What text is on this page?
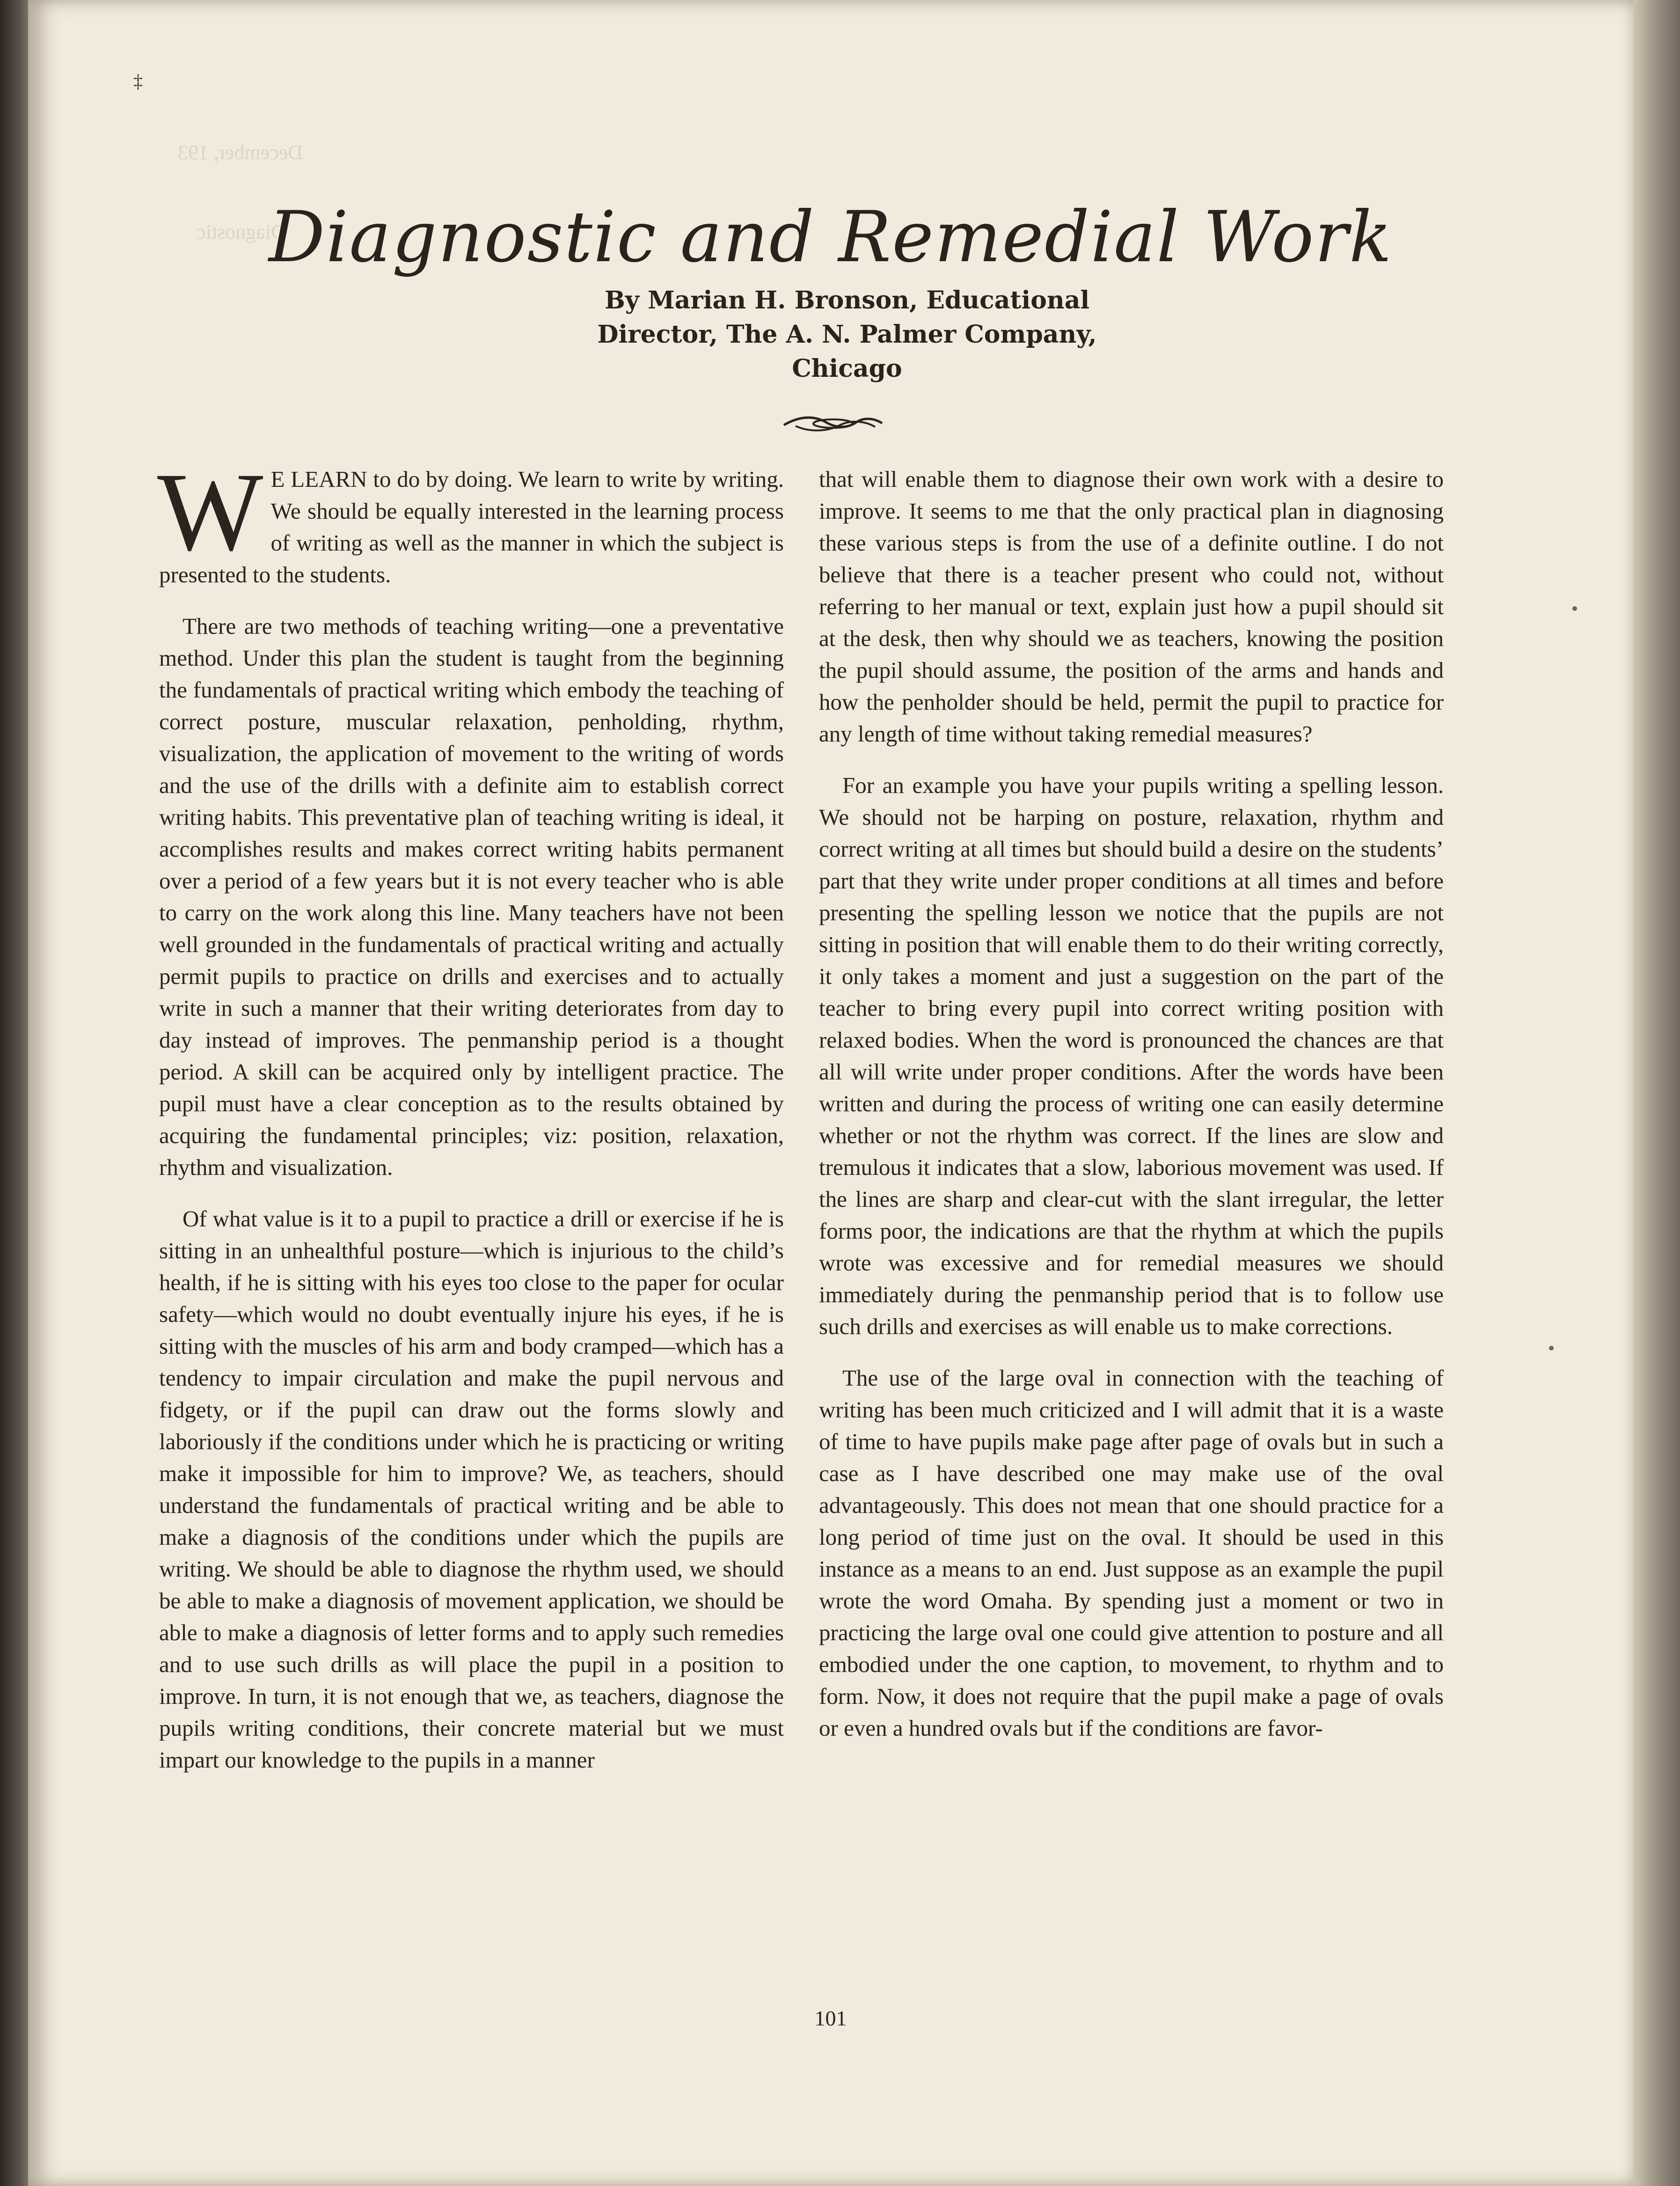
‡
December, 193
Diagnostic
Diagnostic and Remedial Work
By Marian H. Bronson, Educational Director, The A. N. Palmer Company, Chicago

W E LEARN to do by doing. We learn to write by writing. We should be equally interested in the learning process of writing as well as the manner in which the subject is presented to the students.

There are two methods of teaching writing—one a preventative method. Under this plan the student is taught from the beginning the fundamentals of practical writing which embody the teaching of correct posture, muscular relaxation, penholding, rhythm, visualization, the application of movement to the writing of words and the use of the drills with a definite aim to establish correct writing habits. This preventative plan of teaching writing is ideal, it accomplishes results and makes correct writing habits permanent over a period of a few years but it is not every teacher who is able to carry on the work along this line. Many teachers have not been well grounded in the fundamentals of practical writing and actually permit pupils to practice on drills and exercises and to actually write in such a manner that their writing deteriorates from day to day instead of improves. The penmanship period is a thought period. A skill can be acquired only by intelligent practice. The pupil must have a clear conception as to the results obtained by acquiring the fundamental principles; viz: position, relaxation, rhythm and visualization.

Of what value is it to a pupil to practice a drill or exercise if he is sitting in an unhealthful posture—which is injurious to the child’s health, if he is sitting with his eyes too close to the paper for ocular safety—which would no doubt eventually injure his eyes, if he is sitting with the muscles of his arm and body cramped—which has a tendency to impair circulation and make the pupil nervous and fidgety, or if the pupil can draw out the forms slowly and laboriously if the conditions under which he is practicing or writing make it impossible for him to improve? We, as teachers, should understand the fundamentals of practical writing and be able to make a diagnosis of the conditions under which the pupils are writing. We should be able to diagnose the rhythm used, we should be able to make a diagnosis of movement application, we should be able to make a diagnosis of letter forms and to apply such remedies and to use such drills as will place the pupil in a position to improve. In turn, it is not enough that we, as teachers, diagnose the pupils writing conditions, their concrete material but we must impart our knowledge to the pupils in a manner

that will enable them to diagnose their own work with a desire to improve. It seems to me that the only practical plan in diagnosing these various steps is from the use of a definite outline. I do not believe that there is a teacher present who could not, without referring to her manual or text, explain just how a pupil should sit at the desk, then why should we as teachers, knowing the position the pupil should assume, the position of the arms and hands and how the penholder should be held, permit the pupil to practice for any length of time without taking remedial measures?

For an example you have your pupils writing a spelling lesson. We should not be harping on posture, relaxation, rhythm and correct writing at all times but should build a desire on the students’ part that they write under proper conditions at all times and before presenting the spelling lesson we notice that the pupils are not sitting in position that will enable them to do their writing correctly, it only takes a moment and just a suggestion on the part of the teacher to bring every pupil into correct writing position with relaxed bodies. When the word is pronounced the chances are that all will write under proper conditions. After the words have been written and during the process of writing one can easily determine whether or not the rhythm was correct. If the lines are slow and tremulous it indicates that a slow, laborious movement was used. If the lines are sharp and clear-cut with the slant irregular, the letter forms poor, the indications are that the rhythm at which the pupils wrote was excessive and for remedial measures we should immediately during the penmanship period that is to follow use such drills and exercises as will enable us to make corrections.

The use of the large oval in connection with the teaching of writing has been much criticized and I will admit that it is a waste of time to have pupils make page after page of ovals but in such a case as I have described one may make use of the oval advantageously. This does not mean that one should practice for a long period of time just on the oval. It should be used in this instance as a means to an end. Just suppose as an example the pupil wrote the word Omaha. By spending just a moment or two in practicing the large oval one could give attention to posture and all embodied under the one caption, to movement, to rhythm and to form. Now, it does not require that the pupil make a page of ovals or even a hundred ovals but if the conditions are favor-

101
